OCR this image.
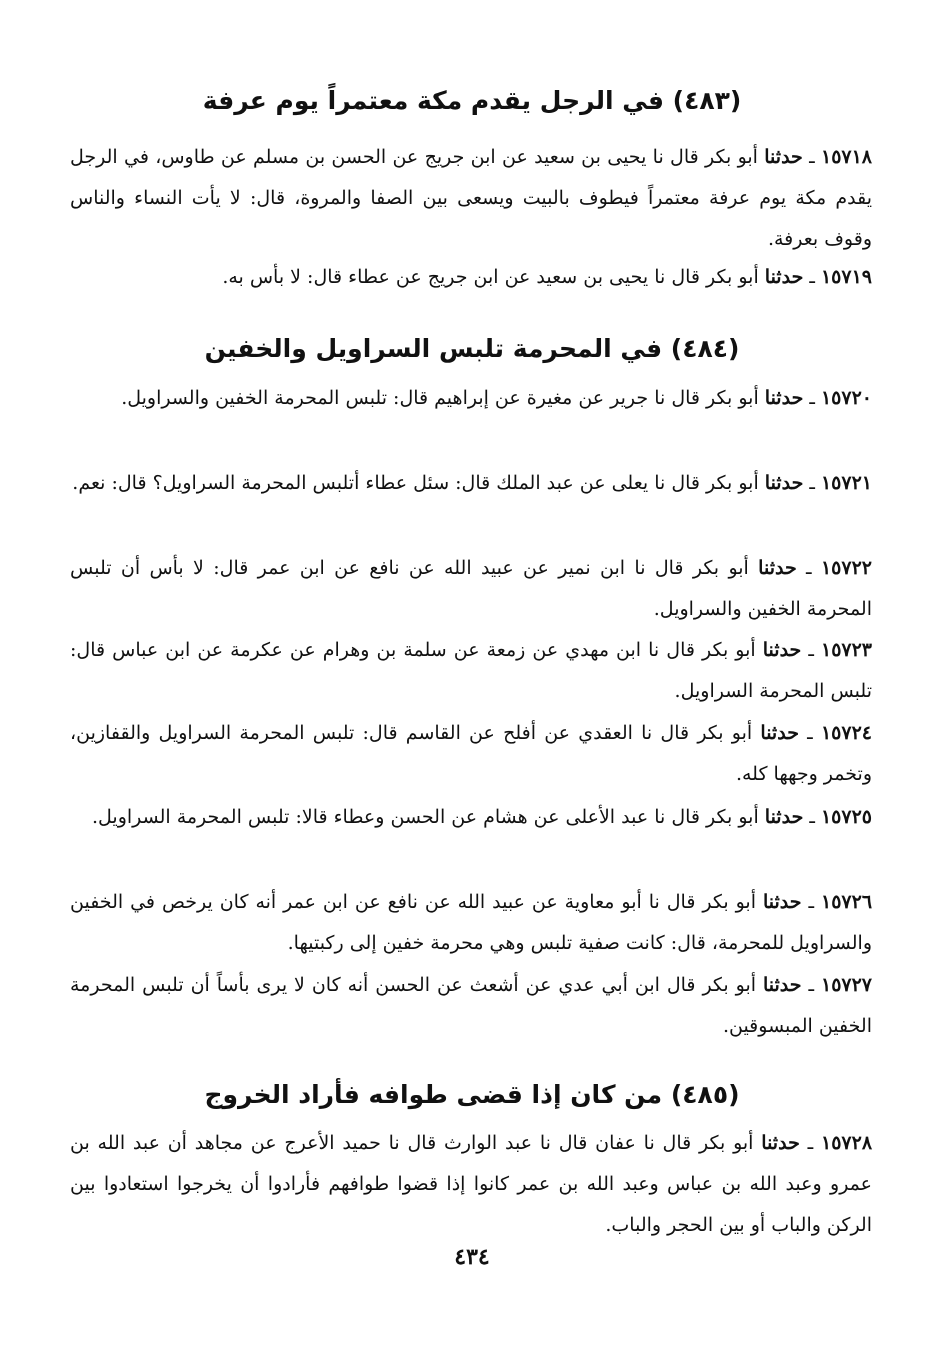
(٤٨٣) في الرجل يقدم مكة معتمراً يوم عرفة
١٥٧١٨ ـ حدثنا أبو بكر قال نا يحيى بن سعيد عن ابن جريج عن الحسن بن مسلم عن طاوس، في الرجل يقدم مكة يوم عرفة معتمراً فيطوف بالبيت ويسعى بين الصفا والمروة، قال: لا يأت النساء والناس وقوف بعرفة.
١٥٧١٩ ـ حدثنا أبو بكر قال نا يحيى بن سعيد عن ابن جريج عن عطاء قال: لا بأس به.
(٤٨٤) في المحرمة تلبس السراويل والخفين
١٥٧٢٠ ـ حدثنا أبو بكر قال نا جرير عن مغيرة عن إبراهيم قال: تلبس المحرمة الخفين والسراويل.
١٥٧٢١ ـ حدثنا أبو بكر قال نا يعلى عن عبد الملك قال: سئل عطاء أتلبس المحرمة السراويل؟ قال: نعم.
١٥٧٢٢ ـ حدثنا أبو بكر قال نا ابن نمير عن عبيد الله عن نافع عن ابن عمر قال: لا بأس أن تلبس المحرمة الخفين والسراويل.
١٥٧٢٣ ـ حدثنا أبو بكر قال نا ابن مهدي عن زمعة عن سلمة بن وهرام عن عكرمة عن ابن عباس قال: تلبس المحرمة السراويل.
١٥٧٢٤ ـ حدثنا أبو بكر قال نا العقدي عن أفلح عن القاسم قال: تلبس المحرمة السراويل والقفازين، وتخمر وجهها كله.
١٥٧٢٥ ـ حدثنا أبو بكر قال نا عبد الأعلى عن هشام عن الحسن وعطاء قالا: تلبس المحرمة السراويل.
١٥٧٢٦ ـ حدثنا أبو بكر قال نا أبو معاوية عن عبيد الله عن نافع عن ابن عمر أنه كان يرخص في الخفين والسراويل للمحرمة، قال: كانت صفية تلبس وهي محرمة خفين إلى ركبتيها.
١٥٧٢٧ ـ حدثنا أبو بكر قال ابن أبي عدي عن أشعث عن الحسن أنه كان لا يرى بأساً أن تلبس المحرمة الخفين المبسوقين.
(٤٨٥) من كان إذا قضى طوافه فأراد الخروج
١٥٧٢٨ ـ حدثنا أبو بكر قال نا عفان قال نا عبد الوارث قال نا حميد الأعرج عن مجاهد أن عبد الله بن عمرو وعبد الله بن عباس وعبد الله بن عمر كانوا إذا قضوا طوافهم فأرادوا أن يخرجوا استعادوا بين الركن والباب أو بين الحجر والباب.
٤٣٤
